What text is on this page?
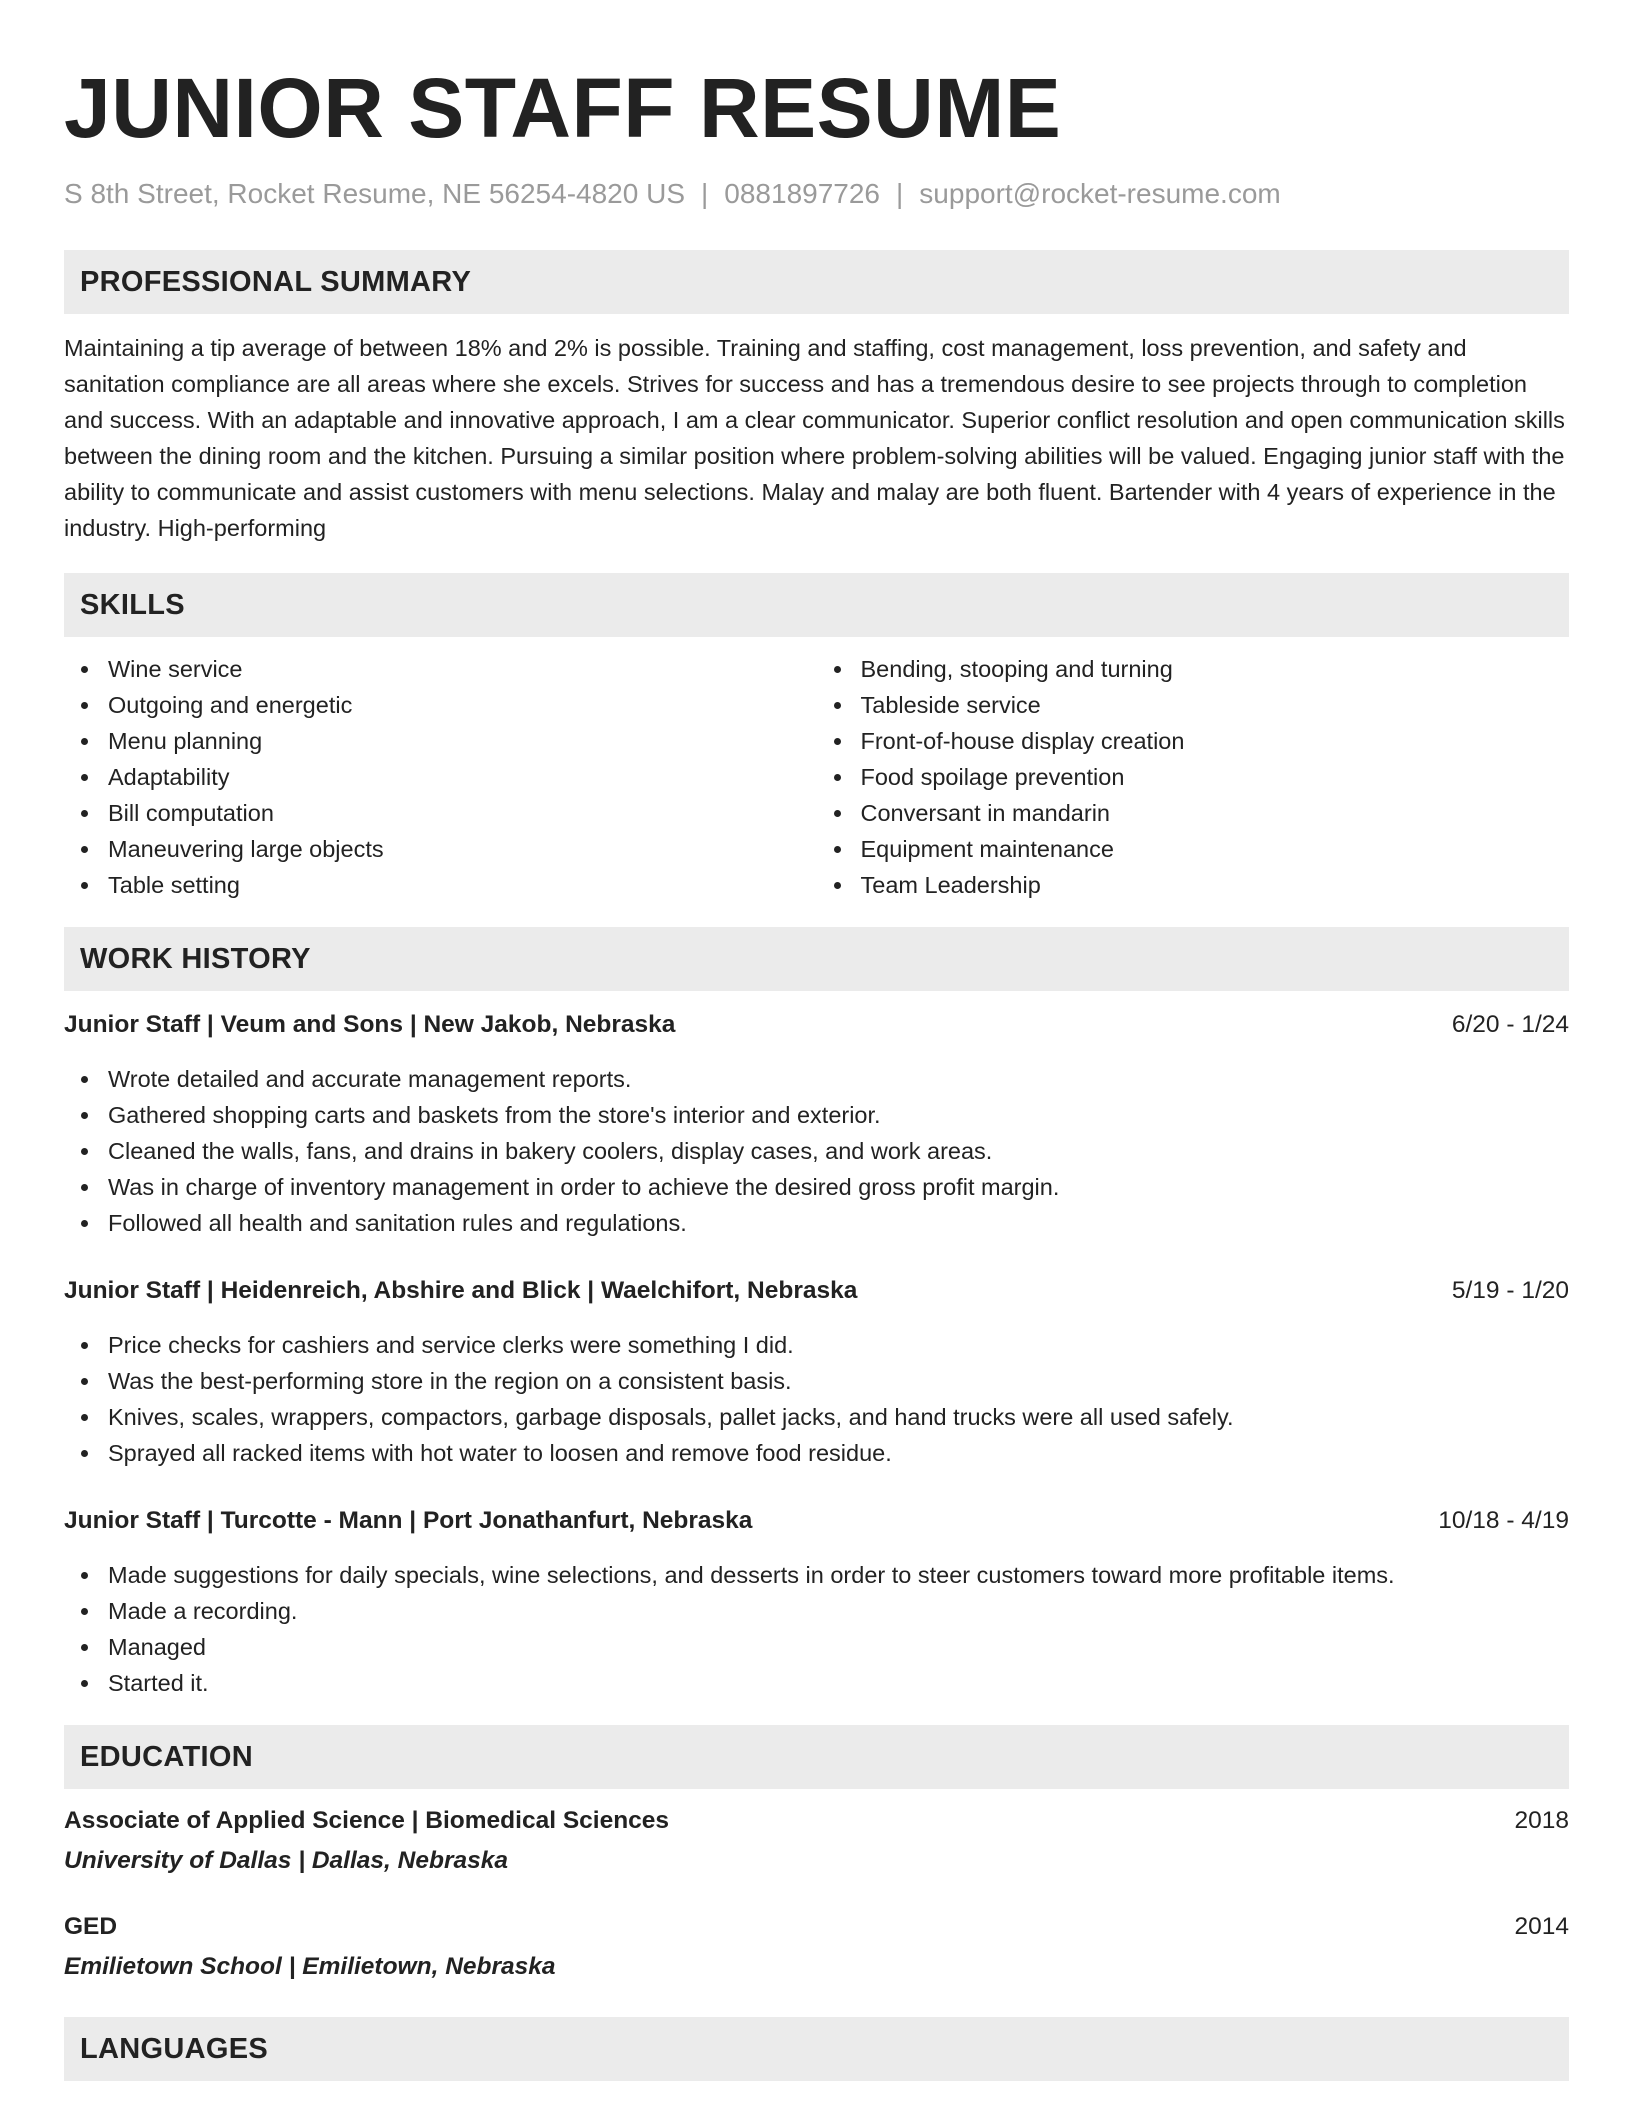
JUNIOR STAFF RESUME
S 8th Street, Rocket Resume, NE 56254-4820 US | 0881897726 | support@rocket-resume.com
PROFESSIONAL SUMMARY

Maintaining a tip average of between 18% and 2% is possible. Training and staffing, cost management, loss prevention, and safety and sanitation compliance are all areas where she excels. Strives for success and has a tremendous desire to see projects through to completion and success. With an adaptable and innovative approach, I am a clear communicator. Superior conflict resolution and open communication skills between the dining room and the kitchen. Pursuing a similar position where problem-solving abilities will be valued. Engaging junior staff with the ability to communicate and assist customers with menu selections. Malay and malay are both fluent. Bartender with 4 years of experience in the industry. High-performing

SKILLS
Wine service
Outgoing and energetic
Menu planning
Adaptability
Bill computation
Maneuvering large objects
Table setting
Bending, stooping and turning
Tableside service
Front-of-house display creation
Food spoilage prevention
Conversant in mandarin
Equipment maintenance
Team Leadership
WORK HISTORY
Junior Staff | Veum and Sons | New Jakob, Nebraska	6/20 - 1/24
Wrote detailed and accurate management reports.
Gathered shopping carts and baskets from the store's interior and exterior.
Cleaned the walls, fans, and drains in bakery coolers, display cases, and work areas.
Was in charge of inventory management in order to achieve the desired gross profit margin.
Followed all health and sanitation rules and regulations.
Junior Staff | Heidenreich, Abshire and Blick | Waelchifort, Nebraska	5/19 - 1/20
Price checks for cashiers and service clerks were something I did.
Was the best-performing store in the region on a consistent basis.
Knives, scales, wrappers, compactors, garbage disposals, pallet jacks, and hand trucks were all used safely.
Sprayed all racked items with hot water to loosen and remove food residue.
Junior Staff | Turcotte - Mann | Port Jonathanfurt, Nebraska	10/18 - 4/19
Made suggestions for daily specials, wine selections, and desserts in order to steer customers toward more profitable items.
Made a recording.
Managed
Started it.
EDUCATION
Associate of Applied Science | Biomedical Sciences	2018
University of Dallas | Dallas, Nebraska
GED	2014
Emilietown School | Emilietown, Nebraska
LANGUAGES
